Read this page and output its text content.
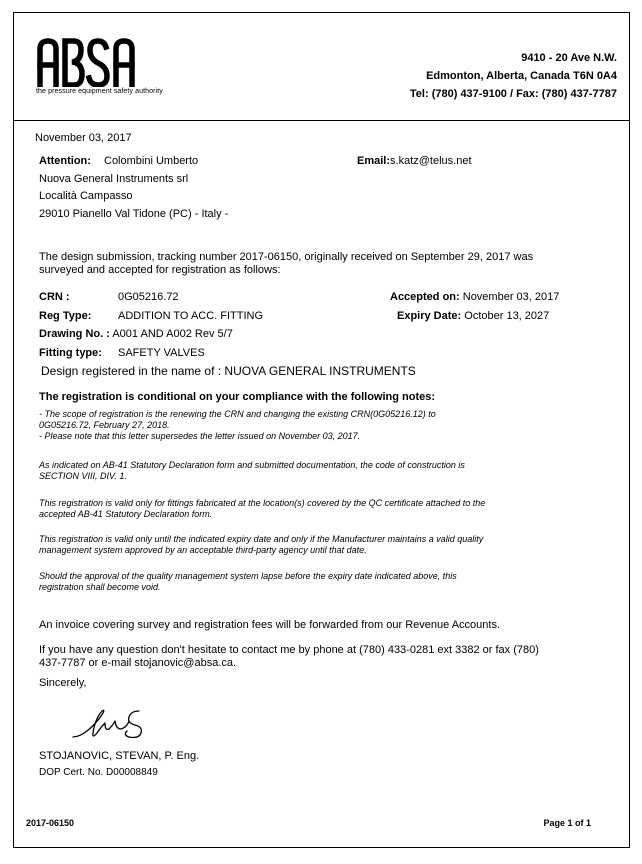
the pressure equipment safety authority
9410 - 20 Ave N.W.
Edmonton, Alberta, Canada T6N 0A4
Tel: (780) 437-9100 / Fax: (780) 437-7787
November 03, 2017
Attention: Colombini Umberto	Email:s.katz@telus.net
Nuova General Instruments srl
Località Campasso
29010 Pianello Val Tidone (PC) - Italy -
The design submission, tracking number 2017-06150, originally received on September 29, 2017 was surveyed and accepted for registration as follows:
CRN :	0G05216.72	Accepted on: November 03, 2017
Reg Type: ADDITION TO ACC. FITTING	Expiry Date: October 13, 2027
Drawing No. : A001 AND A002 Rev 5/7
Fitting type: SAFETY VALVES
Design registered in the name of : NUOVA GENERAL INSTRUMENTS
The registration is conditional on your compliance with the following notes:
- The scope of registration is the renewing the CRN and changing the existing CRN(0G05216.12) to
0G05216.72, February 27, 2018.
- Please note that this letter supersedes the letter issued on November 03, 2017.
As indicated on AB-41 Statutory Declaration form and submitted documentation, the code of construction is
SECTION VIII, DIV. 1.
This registration is valid only for fittings fabricated at the location(s) covered by the QC certificate attached to the
accepted AB-41 Statutory Declaration form.
This registration is valid only until the indicated expiry date and only if the Manufacturer maintains a valid quality
management system approved by an acceptable third-party agency until that date.
Should the approval of the quality management system lapse before the expiry date indicated above, this
registration shall become void.
An invoice covering survey and registration fees will be forwarded from our Revenue Accounts.
If you have any question don't hesitate to contact me by phone at (780) 433-0281 ext 3382 or fax (780)
437-7787 or e-mail stojanovic@absa.ca.
Sincerely,
STOJANOVIC, STEVAN, P. Eng.
DOP Cert. No. D00008849
2017-06150	Page 1 of 1
